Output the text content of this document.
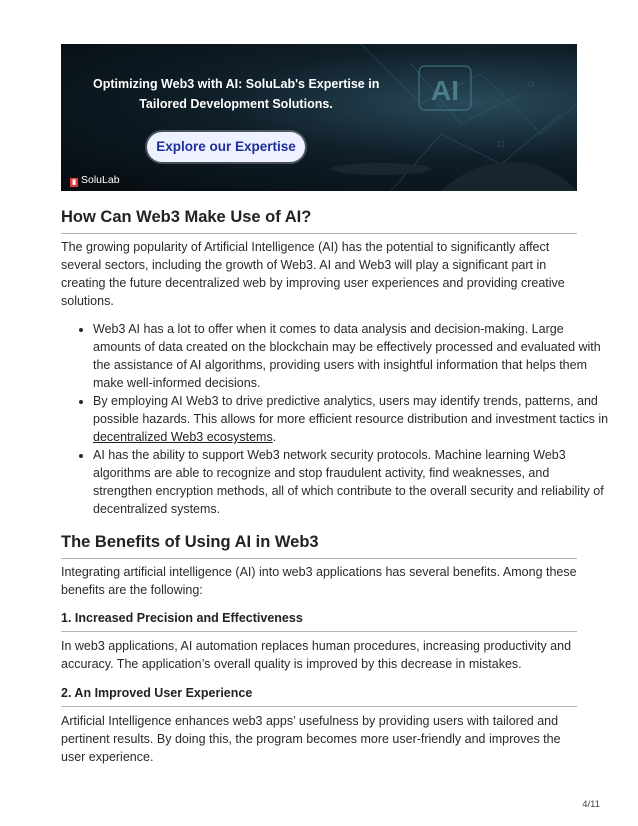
AI
Optimizing Web3 with AI: SoluLab's Expertise in
Tailored Development Solutions.
Explore our Expertise
▮ SoluLab
How Can Web3 Make Use of AI?

The growing popularity of Artificial Intelligence (AI) has the potential to significantly affect several sectors, including the growth of Web3. AI and Web3 will play a significant part in creating the future decentralized web by improving user experiences and providing creative solutions.

• Web3 AI has a lot to offer when it comes to data analysis and decision-making. Large amounts of data created on the blockchain may be effectively processed and evaluated with the assistance of AI algorithms, providing users with insightful information that helps them make well-informed decisions.
• By employing AI Web3 to drive predictive analytics, users may identify trends, patterns, and possible hazards. This allows for more efficient resource distribution and investment tactics in decentralized Web3 ecosystems.
• AI has the ability to support Web3 network security protocols. Machine learning Web3 algorithms are able to recognize and stop fraudulent activity, find weaknesses, and strengthen encryption methods, all of which contribute to the overall security and reliability of decentralized systems.
The Benefits of Using AI in Web3

Integrating artificial intelligence (AI) into web3 applications has several benefits. Among these benefits are the following:

1. Increased Precision and Effectiveness

In web3 applications, AI automation replaces human procedures, increasing productivity and accuracy. The application’s overall quality is improved by this decrease in mistakes.

2. An Improved User Experience

Artificial Intelligence enhances web3 apps’ usefulness by providing users with tailored and pertinent results. By doing this, the program becomes more user-friendly and improves the user experience.

4/11
